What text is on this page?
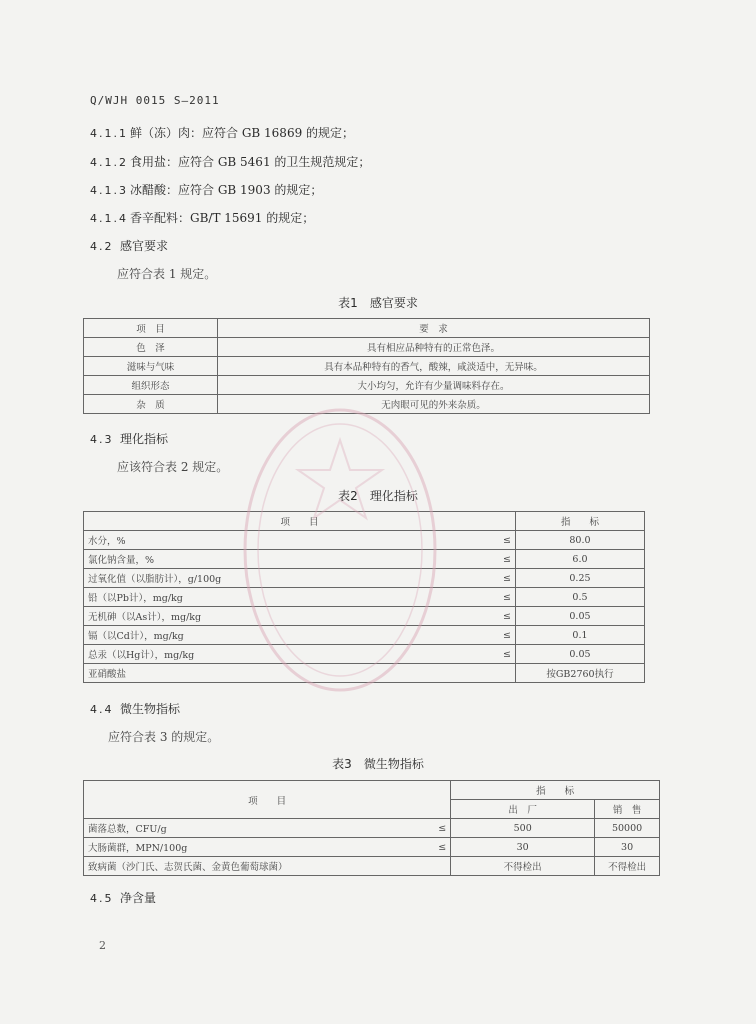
Q/WJH 0015 S—2011
4.1.1 鲜（冻）肉：应符合 GB 16869 的规定；
4.1.2 食用盐：应符合 GB 5461 的卫生规范规定；
4.1.3 冰醋酸：应符合 GB 1903 的规定；
4.1.4 香辛配料：GB/T 15691 的规定；
4.2 感官要求
应符合表 1 规定。
表1 感官要求
项　目	要　求
色　泽	具有相应品种特有的正常色泽。
滋味与气味	具有本品种特有的香气，酸辣，咸淡适中，无异味。
组织形态	大小均匀，允许有少量调味料存在。
杂　质	无肉眼可见的外来杂质。
4.3 理化指标
应该符合表 2 规定。
表2 理化指标
项　　目		指　　标
水分，%	≤	80.0
氯化钠含量，%	≤	6.0
过氧化值（以脂肪计），g/100g	≤	0.25
铅（以Pb计），mg/kg	≤	0.5
无机砷（以As计），mg/kg	≤	0.05
镉（以Cd计），mg/kg	≤	0.1
总汞（以Hg计），mg/kg	≤	0.05
亚硝酸盐		按GB2760执行
4.4 微生物指标
应符合表 3 的规定。
表3 微生物指标
项　　目		指　　标	
		出　厂	销　售
菌落总数，CFU/g	≤	500	50000
大肠菌群，MPN/100g	≤	30	30
致病菌（沙门氏、志贺氏菌、金黄色葡萄球菌）		不得检出	不得检出
4.5 净含量
2
